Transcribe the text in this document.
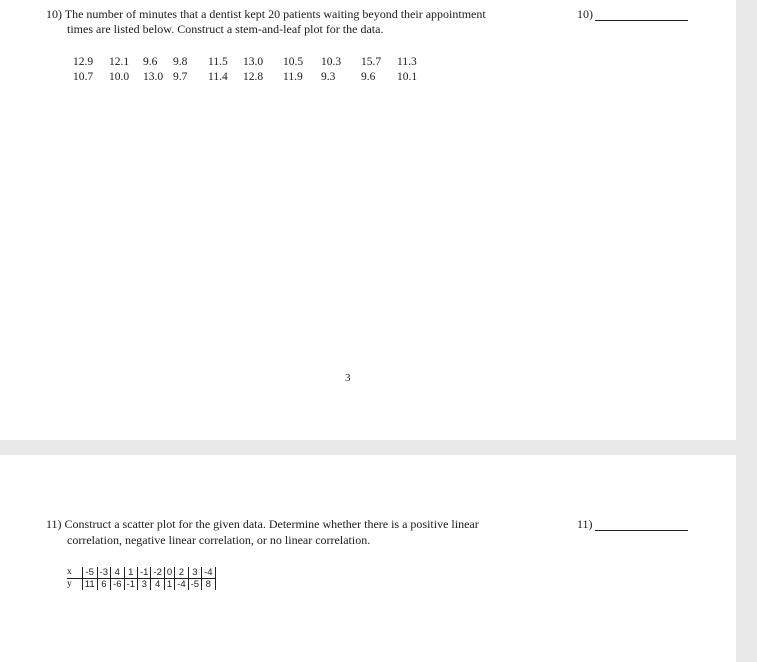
10) The number of minutes that a dentist kept 20 patients waiting beyond their appointment
times are listed below. Construct a stem-and-leaf plot for the data.
10)
12.9 12.1 9.6 9.8 11.5 13.0 10.5 10.3 15.7 11.3
10.7 10.0 13.0 9.7 11.4 12.8 11.9 9.3 9.6 10.1
3
11) Construct a scatter plot for the given data. Determine whether there is a positive linear
correlation, negative linear correlation, or no linear correlation.
11)
x	-5	-3	4	1	-1	-2	0	2	3	-4	
y	11	6	-6	-1	3	4	1	-4	-5	8	
